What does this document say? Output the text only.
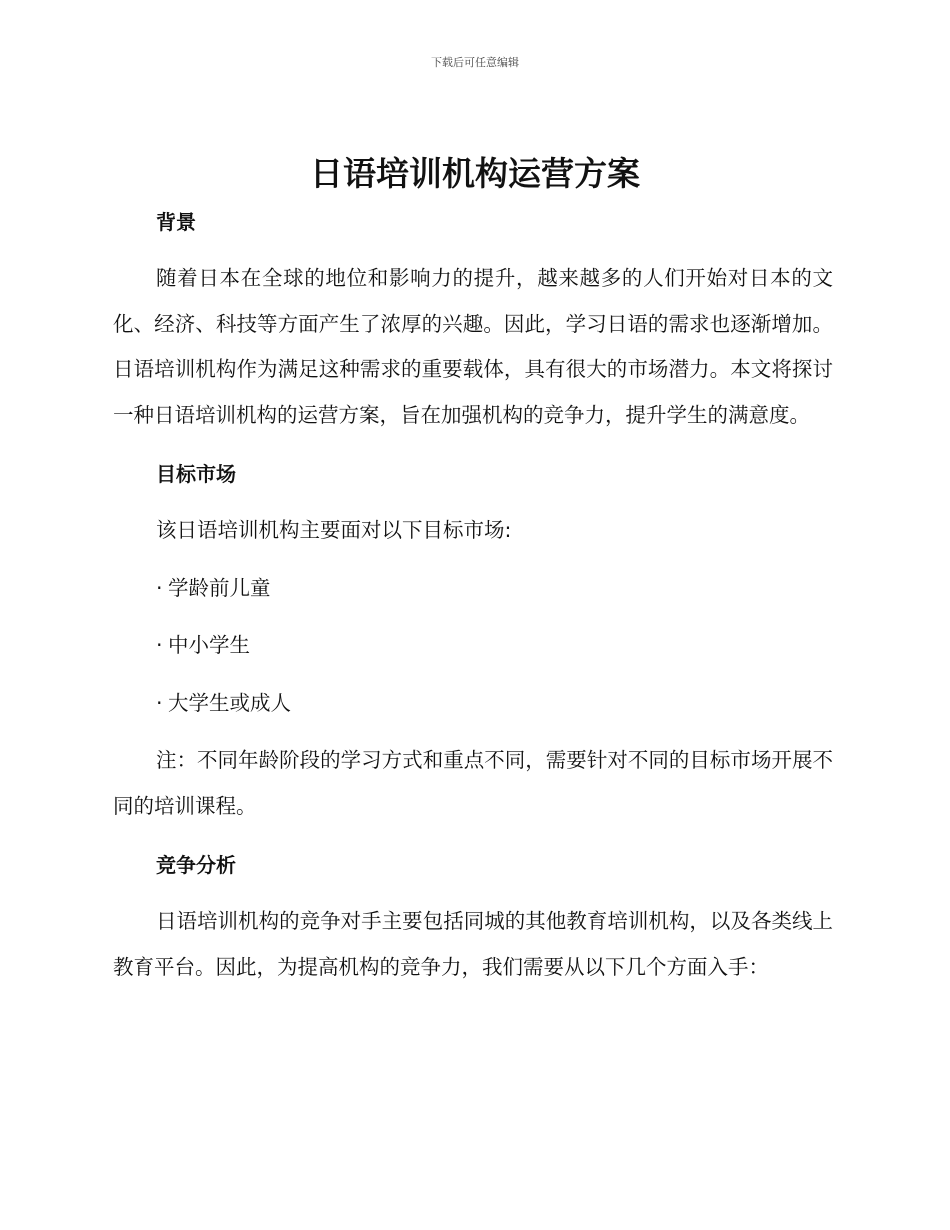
下载后可任意编辑
日语培训机构运营方案
背景

随着日本在全球的地位和影响力的提升，越来越多的人们开始对日本的文化、经济、科技等方面产生了浓厚的兴趣。因此，学习日语的需求也逐渐增加。日语培训机构作为满足这种需求的重要载体，具有很大的市场潜力。本文将探讨一种日语培训机构的运营方案，旨在加强机构的竞争力，提升学生的满意度。

目标市场

该日语培训机构主要面对以下目标市场:

· 学龄前儿童
· 中小学生
· 大学生或成人

注：不同年龄阶段的学习方式和重点不同，需要针对不同的目标市场开展不同的培训课程。

竞争分析

日语培训机构的竞争对手主要包括同城的其他教育培训机构，以及各类线上教育平台。因此，为提高机构的竞争力，我们需要从以下几个方面入手：
